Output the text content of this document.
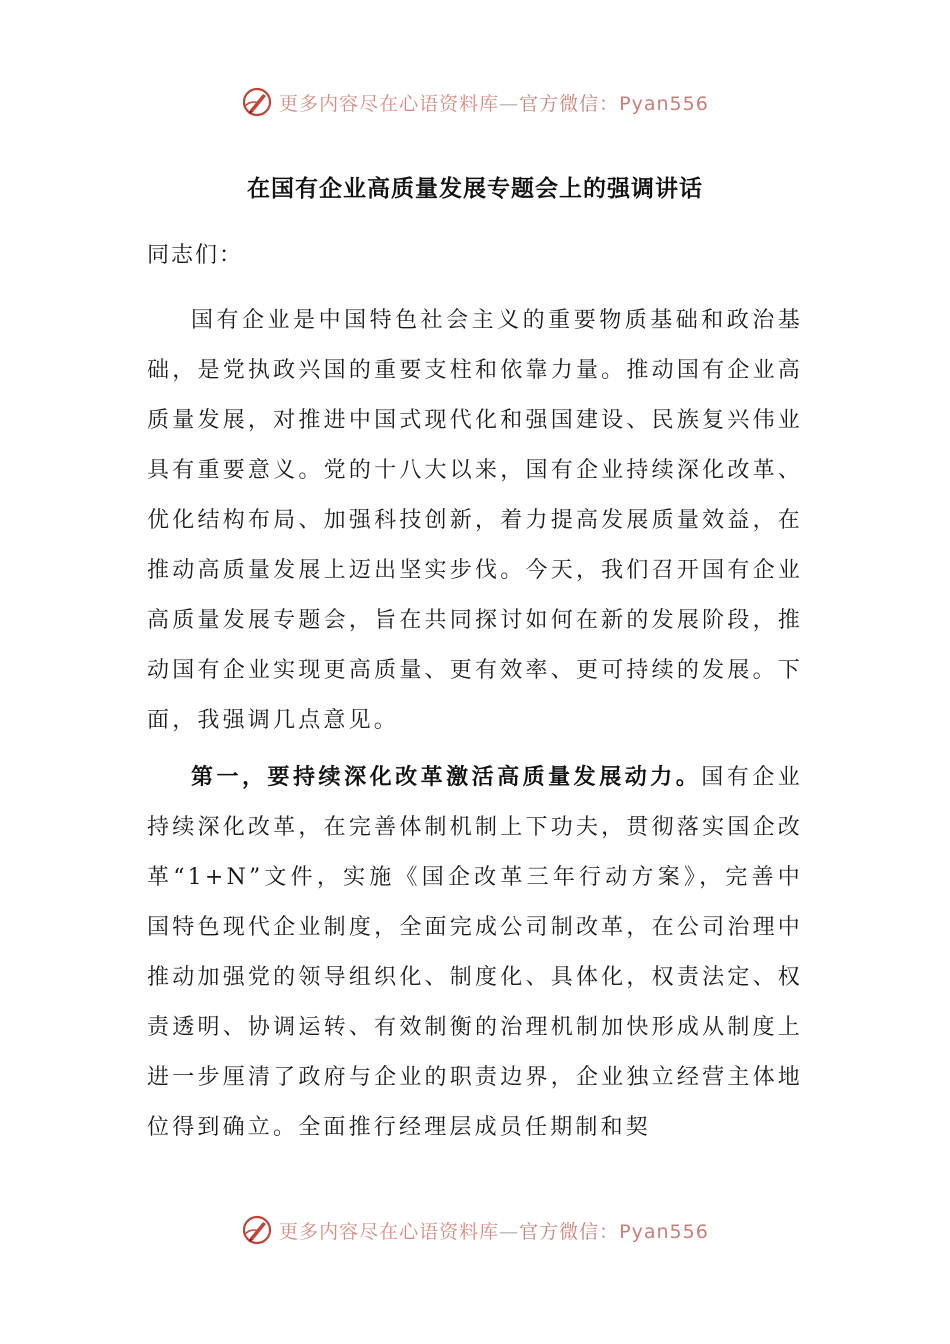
更多内容尽在心语资料库—官方微信：Pyan556
在国有企业高质量发展专题会上的强调讲话
同志们：

国有企业是中国特色社会主义的重要物质基础和政治基础，是党执政兴国的重要支柱和依靠力量。推动国有企业高质量发展，对推进中国式现代化和强国建设、民族复兴伟业具有重要意义。党的十八大以来，国有企业持续深化改革、优化结构布局、加强科技创新，着力提高发展质量效益，在推动高质量发展上迈出坚实步伐。今天，我们召开国有企业高质量发展专题会，旨在共同探讨如何在新的发展阶段，推动国有企业实现更高质量、更有效率、更可持续的发展。下面，我强调几点意见。

第一，要持续深化改革激活高质量发展动力。国有企业持续深化改革，在完善体制机制上下功夫，贯彻落实国企改革“1+N”文件，实施《国企改革三年行动方案》，完善中国特色现代企业制度，全面完成公司制改革，在公司治理中推动加强党的领导组织化、制度化、具体化，权责法定、权责透明、协调运转、有效制衡的治理机制加快形成从制度上进一步厘清了政府与企业的职责边界，企业独立经营主体地位得到确立。全面推行经理层成员任期制和契

更多内容尽在心语资料库—官方微信：Pyan556
